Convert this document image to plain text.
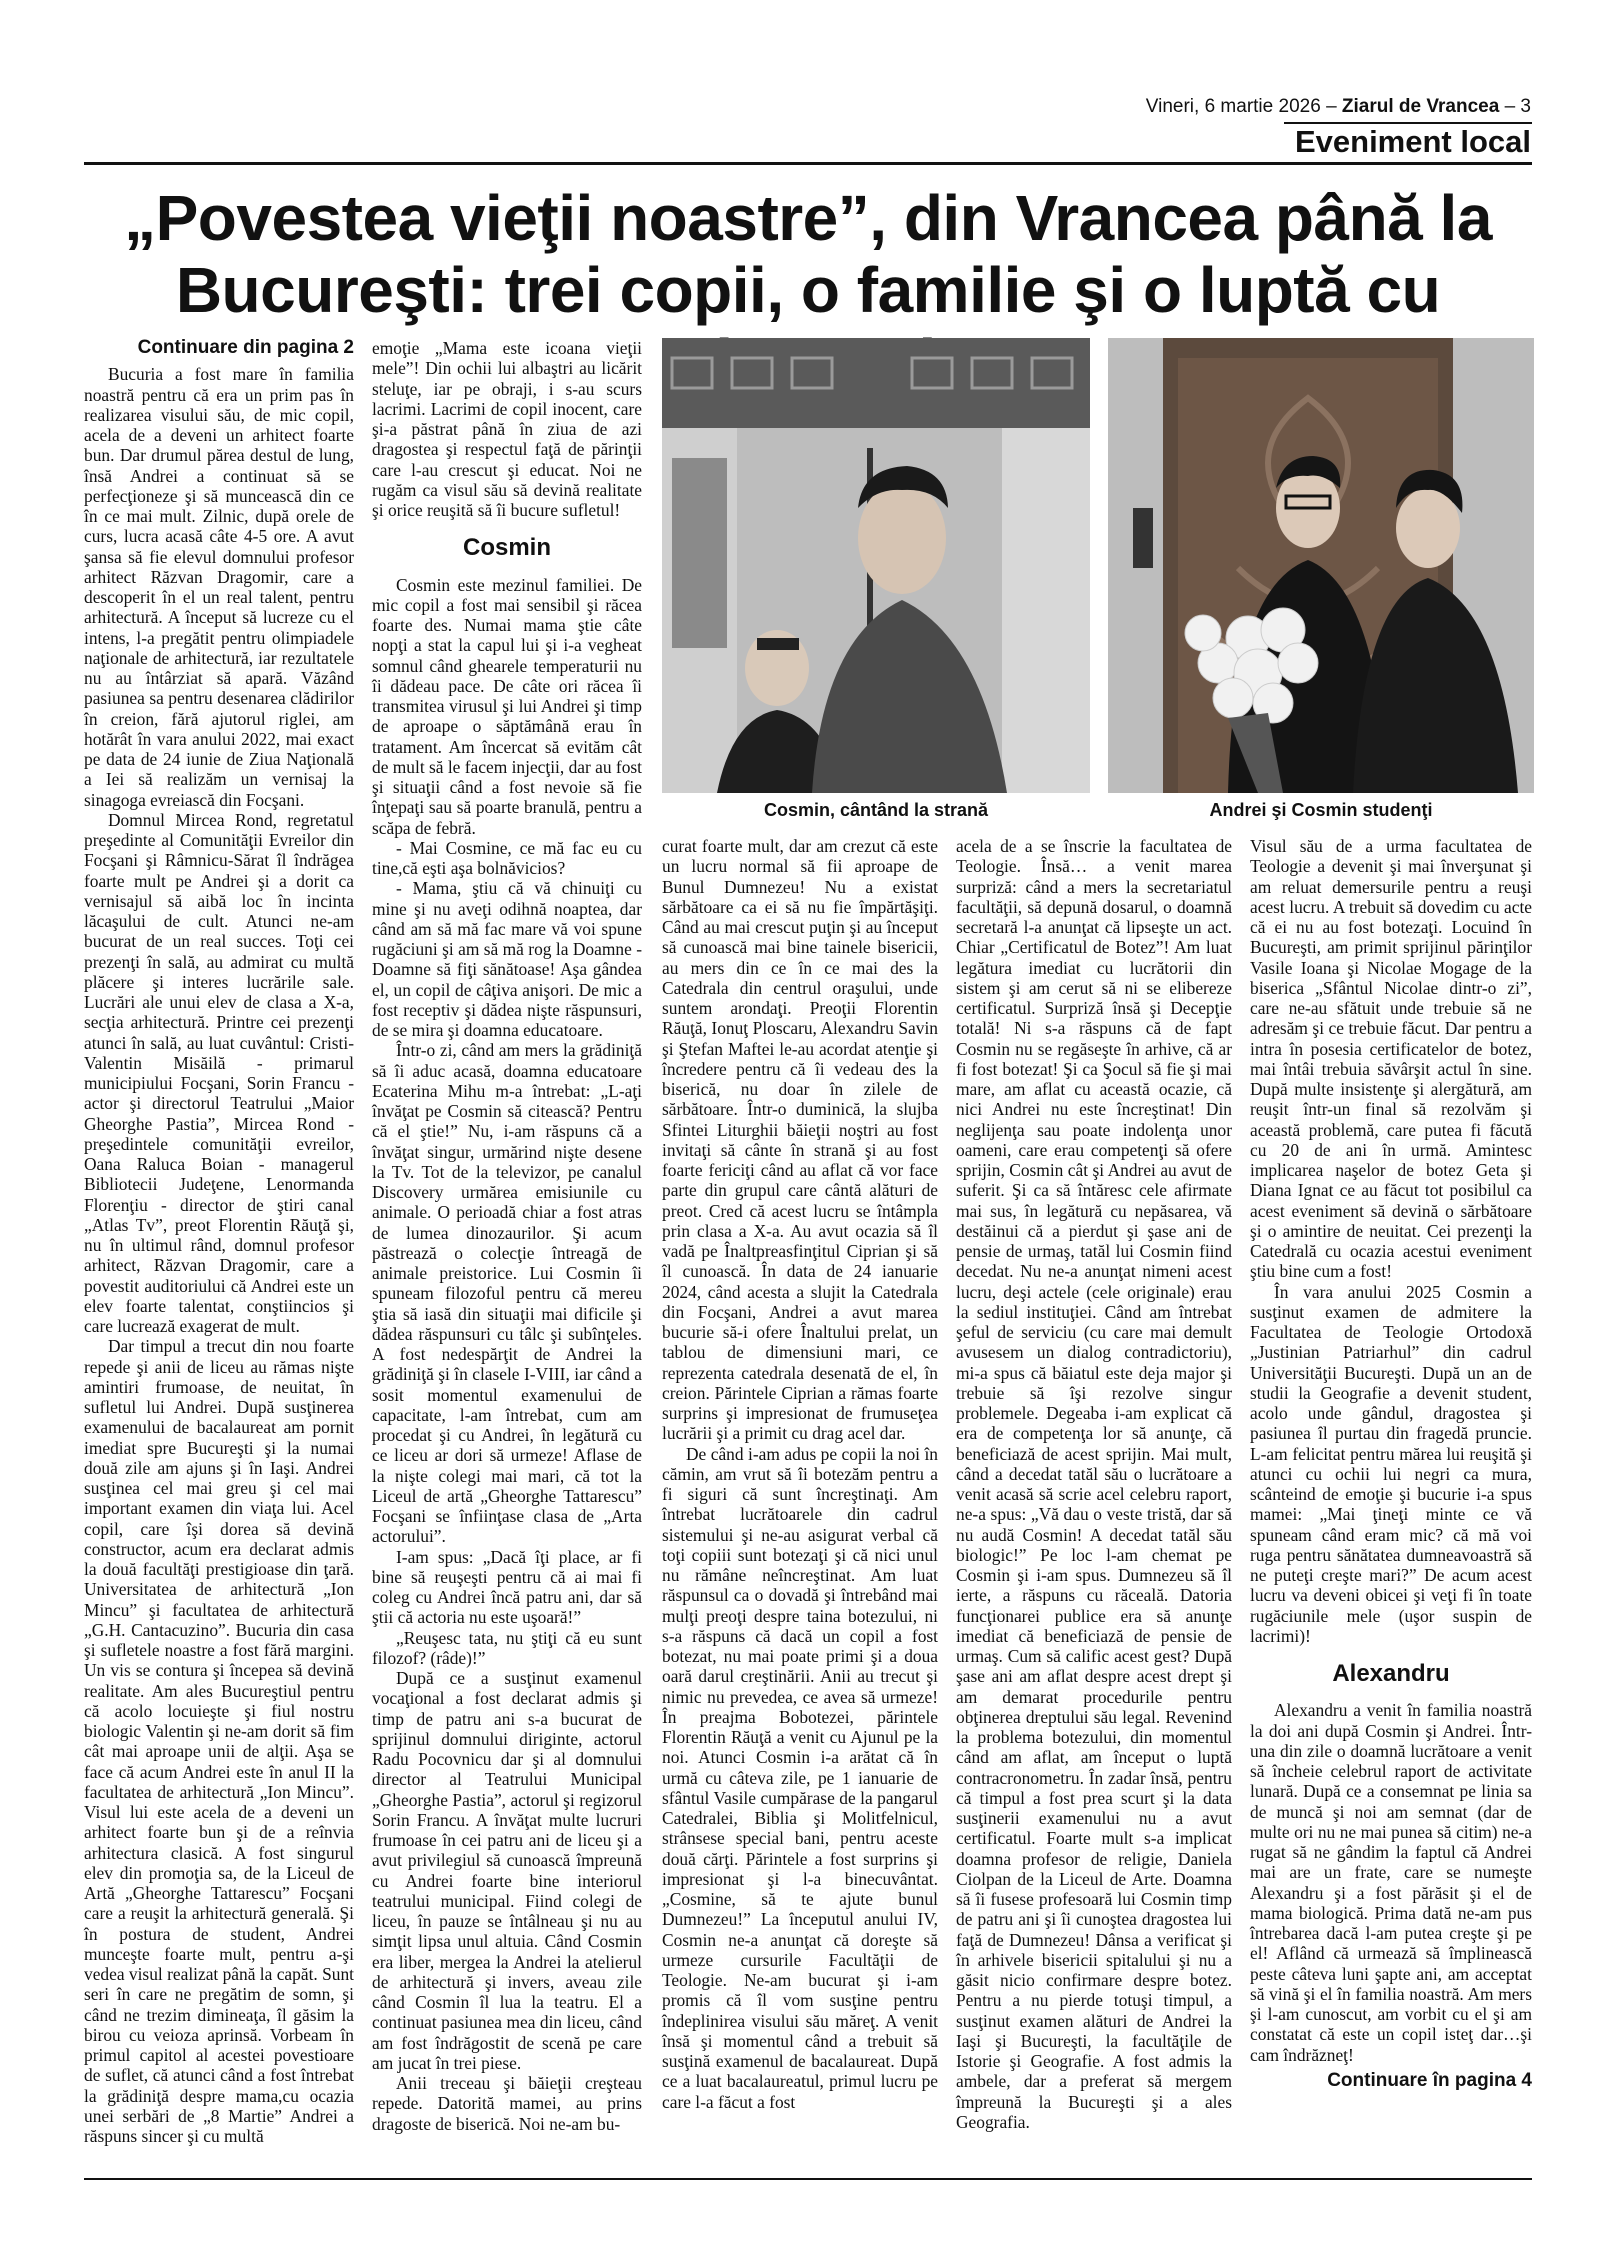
Vineri, 6 martie 2026 – Ziarul de Vrancea – 3
Eveniment local
„Povestea vieţii noastre”, din Vrancea până la
Bucureşti: trei copii, o familie şi o luptă cu
Cosmin, cântând la strană	Andrei şi Cosmin studenţi
Continuare din pagina 2

Bucuria a fost mare în familia noastră pentru că era un prim pas în realizarea visului său, de mic copil, acela de a deveni un arhitect foarte bun. Dar drumul părea destul de lung, însă Andrei a continuat să se perfecţioneze şi să muncească din ce în ce mai mult. Zilnic, după orele de curs, lucra acasă câte 4-5 ore. A avut şansa să fie elevul domnului profesor arhitect Răzvan Dragomir, care a descoperit în el un real talent, pentru arhitectură. A început să lucreze cu el intens, l-a pregătit pentru olimpiadele naţionale de arhitectură, iar rezultatele nu au întârziat să apară. Văzând pasiunea sa pentru desenarea clădirilor în creion, fără ajutorul riglei, am hotărât în vara anului 2022, mai exact pe data de 24 iunie de Ziua Naţională a Iei să realizăm un vernisaj la sinagoga evreiască din Focşani.

Domnul Mircea Rond, regretatul preşedinte al Comunităţii Evreilor din Focşani şi Râmnicu-Sărat îl îndrăgea foarte mult pe Andrei şi a dorit ca vernisajul să aibă loc în incinta lăcaşului de cult. Atunci ne-am bucurat de un real succes. Toţi cei prezenţi în sală, au admirat cu multă plăcere şi interes lucrările sale. Lucrări ale unui elev de clasa a X-a, secţia arhitectură. Printre cei prezenţi atunci în sală, au luat cuvântul: Cristi-Valentin Misăilă - primarul municipiului Focşani, Sorin Francu - actor şi directorul Teatrului „Maior Gheorghe Pastia”, Mircea Rond - preşedintele comunităţii evreilor, Oana Raluca Boian - managerul Bibliotecii Judeţene, Lenormanda Florenţiu - director de ştiri canal „Atlas Tv”, preot Florentin Răuţă şi, nu în ultimul rând, domnul profesor arhitect, Răzvan Dragomir, care a povestit auditoriului că Andrei este un elev foarte talentat, conştiincios şi care lucrează exagerat de mult.

Dar timpul a trecut din nou foarte repede şi anii de liceu au rămas nişte amintiri frumoase, de neuitat, în sufletul lui Andrei. După susţinerea examenului de bacalaureat am pornit imediat spre Bucureşti şi la numai două zile am ajuns şi în Iaşi. Andrei susţinea cel mai greu şi cel mai important examen din viaţa lui. Acel copil, care îşi dorea să devină constructor, acum era declarat admis la două facultăţi prestigioase din ţară. Universitatea de arhitectură „Ion Mincu” şi facultatea de arhitectură „G.H. Cantacuzino”. Bucuria din casa şi sufletele noastre a fost fără margini. Un vis se contura şi începea să devină realitate. Am ales Bucureştiul pentru că acolo locuieşte şi fiul nostru biologic Valentin şi ne-am dorit să fim cât mai aproape unii de alţii. Aşa se face că acum Andrei este în anul II la facultatea de arhitectură „Ion Mincu”. Visul lui este acela de a deveni un arhitect foarte bun şi de a reînvia arhitectura clasică. A fost singurul elev din promoţia sa, de la Liceul de Artă „Gheorghe Tattarescu” Focşani care a reuşit la arhitectură generală. Şi în postura de student, Andrei munceşte foarte mult, pentru a-şi vedea visul realizat până la capăt. Sunt seri în care ne pregătim de somn, şi când ne trezim dimineaţa, îl găsim la birou cu veioza aprinsă. Vorbeam în primul capitol al acestei povestioare de suflet, că atunci când a fost întrebat la grădiniţă despre mama,cu ocazia unei serbări de „8 Martie” Andrei a răspuns sincer şi cu multă

emoţie „Mama este icoana vieţii mele”! Din ochii lui albaştri au licărit steluţe, iar pe obraji, i s-au scurs lacrimi. Lacrimi de copil inocent, care şi-a păstrat până în ziua de azi dragostea şi respectul faţă de părinţii care l-au crescut şi educat. Noi ne rugăm ca visul său să devină realitate şi orice reuşită să îi bucure sufletul!

Cosmin

Cosmin este mezinul familiei. De mic copil a fost mai sensibil şi răcea foarte des. Numai mama ştie câte nopţi a stat la capul lui şi i-a vegheat somnul când ghearele temperaturii nu îi dădeau pace. De câte ori răcea îi transmitea virusul şi lui Andrei şi timp de aproape o săptămână erau în tratament. Am încercat să evităm cât de mult să le facem injecţii, dar au fost şi situaţii când a fost nevoie să fie înţepaţi sau să poarte branulă, pentru a scăpa de febră.

- Mai Cosmine, ce mă fac eu cu tine,că eşti aşa bolnăvicios?

- Mama, ştiu că vă chinuiţi cu mine şi nu aveţi odihnă noaptea, dar când am să mă fac mare vă voi spune rugăciuni şi am să mă rog la Doamne - Doamne să fiţi sănătoase! Aşa gândea el, un copil de câţiva anişori. De mic a fost receptiv şi dădea nişte răspunsuri, de se mira şi doamna educatoare.

Într-o zi, când am mers la grădiniţă să îi aduc acasă, doamna educatoare Ecaterina Mihu m-a întrebat: „L-aţi învăţat pe Cosmin să citească? Pentru că el ştie!” Nu, i-am răspuns că a învăţat singur, urmărind nişte desene la Tv. Tot de la televizor, pe canalul Discovery urmărea emisiunile cu animale. O perioadă chiar a fost atras de lumea dinozaurilor. Şi acum păstrează o colecţie întreagă de animale preistorice. Lui Cosmin îi spuneam filozoful pentru că mereu ştia să iasă din situaţii mai dificile şi dădea răspunsuri cu tâlc şi subînţeles. A fost nedespărţit de Andrei la grădiniţă şi în clasele I-VIII, iar când a sosit momentul examenului de capacitate, l-am întrebat, cum am procedat şi cu Andrei, în legătură cu ce liceu ar dori să urmeze! Aflase de la nişte colegi mai mari, că tot la Liceul de artă „Gheorghe Tattarescu” Focşani se înfiinţase clasa de „Arta actorului”.

I-am spus: „Dacă îţi place, ar fi bine să reuşeşti pentru că ai mai fi coleg cu Andrei încă patru ani, dar să ştii că actoria nu este uşoară!”

„Reuşesc tata, nu ştiţi că eu sunt filozof? (râde)!”

După ce a susţinut examenul vocaţional a fost declarat admis şi timp de patru ani s-a bucurat de sprijinul domnului diriginte, actorul Radu Pocovnicu dar şi al domnului director al Teatrului Municipal „Gheorghe Pastia”, actorul şi regizorul Sorin Francu. A învăţat multe lucruri frumoase în cei patru ani de liceu şi a avut privilegiul să cunoască împreună cu Andrei foarte bine interiorul teatrului municipal. Fiind colegi de liceu, în pauze se întâlneau şi nu au simţit lipsa unul altuia. Când Cosmin era liber, mergea la Andrei la atelierul de arhitectură şi invers, aveau zile când Cosmin îl lua la teatru. El a continuat pasiunea mea din liceu, când am fost îndrăgostit de scenă pe care am jucat în trei piese.

Anii treceau şi băieţii creşteau repede. Datorită mamei, au prins dragoste de biserică. Noi ne-am bu-

curat foarte mult, dar am crezut că este un lucru normal să fii aproape de Bunul Dumnezeu! Nu a existat sărbătoare ca ei să nu fie împărtăşiţi. Când au mai crescut puţin şi au început să cunoască mai bine tainele bisericii, au mers din ce în ce mai des la Catedrala din centrul oraşului, unde suntem arondaţi. Preoţii Florentin Răuţă, Ionuţ Ploscaru, Alexandru Savin şi Ştefan Maftei le-au acordat atenţie şi încredere pentru că îi vedeau des la biserică, nu doar în zilele de sărbătoare. Într-o duminică, la slujba Sfintei Liturghii băieţii noştri au fost invitaţi să cânte în strană şi au fost foarte fericiţi când au aflat că vor face parte din grupul care cântă alături de preot. Cred că acest lucru se întâmpla prin clasa a X-a. Au avut ocazia să îl vadă pe Înaltpreasfinţitul Ciprian şi să îl cunoască. În data de 24 ianuarie 2024, când acesta a slujit la Catedrala din Focşani, Andrei a avut marea bucurie să-i ofere Înaltului prelat, un tablou de dimensiuni mari, ce reprezenta catedrala desenată de el, în creion. Părintele Ciprian a rămas foarte surprins şi impresionat de frumuseţea lucrării şi a primit cu drag acel dar.

De când i-am adus pe copii la noi în cămin, am vrut să îi botezăm pentru a fi siguri că sunt încreştinaţi. Am întrebat lucrătoarele din cadrul sistemului şi ne-au asigurat verbal că toţi copiii sunt botezaţi şi că nici unul nu rămâne neîncreştinat. Am luat răspunsul ca o dovadă şi întrebând mai mulţi preoţi despre taina botezului, ni s-a răspuns că dacă un copil a fost botezat, nu mai poate primi şi a doua oară darul creştinării. Anii au trecut şi nimic nu prevedea, ce avea să urmeze! În preajma Bobotezei, părintele Florentin Răuţă a venit cu Ajunul pe la noi. Atunci Cosmin i-a arătat că în urmă cu câteva zile, pe 1 ianuarie de sfântul Vasile cumpărase de la pangarul Catedralei, Biblia şi Molitfelnicul, strânsese special bani, pentru aceste două cărţi. Părintele a fost surprins şi impresionat şi l-a binecuvântat. „Cosmine, să te ajute bunul Dumnezeu!” La începutul anului IV, Cosmin ne-a anunţat că doreşte să urmeze cursurile Facultăţii de Teologie. Ne-am bucurat şi i-am promis că îl vom susţine pentru îndeplinirea visului său măreţ. A venit însă şi momentul când a trebuit să susţină examenul de bacalaureat. După ce a luat bacalaureatul, primul lucru pe care l-a făcut a fost

acela de a se înscrie la facultatea de Teologie. Însă… a venit marea surpriză: când a mers la secretariatul facultăţii, să depună dosarul, o doamnă secretară l-a anunţat că lipseşte un act. Chiar „Certificatul de Botez”! Am luat legătura imediat cu lucrătorii din sistem şi am cerut să ni se elibereze certificatul. Surpriză însă şi Decepţie totală! Ni s-a răspuns că de fapt Cosmin nu se regăseşte în arhive, că ar fi fost botezat! Şi ca Şocul să fie şi mai mare, am aflat cu această ocazie, că nici Andrei nu este încreştinat! Din neglijenţa sau poate indolenţa unor oameni, care erau competenţi să ofere sprijin, Cosmin cât şi Andrei au avut de suferit. Şi ca să întăresc cele afirmate mai sus, în legătură cu nepăsarea, vă destăinui că a pierdut şi şase ani de pensie de urmaş, tatăl lui Cosmin fiind decedat. Nu ne-a anunţat nimeni acest lucru, deşi actele (cele originale) erau la sediul instituţiei. Când am întrebat şeful de serviciu (cu care mai demult avusesem un dialog contradictoriu), mi-a spus că băiatul este deja major şi trebuie să îşi rezolve singur problemele. Degeaba i-am explicat că era de competenţa lor să anunţe, că beneficiază de acest sprijin. Mai mult, când a decedat tatăl său o lucrătoare a venit acasă să scrie acel celebru raport, ne-a spus: „Vă dau o veste tristă, dar să nu audă Cosmin! A decedat tatăl său biologic!” Pe loc l-am chemat pe Cosmin şi i-am spus. Dumnezeu să îl ierte, a răspuns cu răceală. Datoria funcţionarei publice era să anunţe imediat că beneficiază de pensie de urmaş. Cum să calific acest gest? După şase ani am aflat despre acest drept şi am demarat procedurile pentru obţinerea dreptului său legal. Revenind la problema botezului, din momentul când am aflat, am început o luptă contracronometru. În zadar însă, pentru că timpul a fost prea scurt şi la data susţinerii examenului nu a avut certificatul. Foarte mult s-a implicat doamna profesor de religie, Daniela Ciolpan de la Liceul de Arte. Doamna să îi fusese profesoară lui Cosmin timp de patru ani şi îi cunoştea dragostea lui faţă de Dumnezeu! Dânsa a verificat şi în arhivele bisericii spitalului şi nu a găsit nicio confirmare despre botez. Pentru a nu pierde totuşi timpul, a susţinut examen alături de Andrei la Iaşi şi Bucureşti, la facultăţile de Istorie şi Geografie. A fost admis la ambele, dar a preferat să mergem împreună la Bucureşti şi a ales Geografia.

Visul său de a urma facultatea de Teologie a devenit şi mai înverşunat şi am reluat demersurile pentru a reuşi acest lucru. A trebuit să dovedim cu acte că ei nu au fost botezaţi. Locuind în Bucureşti, am primit sprijinul părinţilor Vasile Ioana şi Nicolae Mogage de la biserica „Sfântul Nicolae dintr-o zi”, care ne-au sfătuit unde trebuie să ne adresăm şi ce trebuie făcut. Dar pentru a intra în posesia certificatelor de botez, mai întâi trebuia săvârşit actul în sine. După multe insistenţe şi alergătură, am reuşit într-un final să rezolvăm şi această problemă, care putea fi făcută cu 20 de ani în urmă. Amintesc implicarea naşelor de botez Geta şi Diana Ignat ce au făcut tot posibilul ca acest eveniment să devină o sărbătoare şi o amintire de neuitat. Cei prezenţi la Catedrală cu ocazia acestui eveniment ştiu bine cum a fost!

În vara anului 2025 Cosmin a susţinut examen de admitere la Facultatea de Teologie Ortodoxă „Justinian Patriarhul” din cadrul Universităţii Bucureşti. După un an de studii la Geografie a devenit student, acolo unde gândul, dragostea şi pasiunea îl purtau din fragedă pruncie. L-am felicitat pentru mărea lui reuşită şi atunci cu ochii lui negri ca mura, scânteind de emoţie şi bucurie i-a spus mamei: „Mai ţineţi minte ce vă spuneam când eram mic? că mă voi ruga pentru sănătatea dumneavoastră să ne puteţi creşte mari?” De acum acest lucru va deveni obicei şi veţi fi în toate rugăciunile mele (uşor suspin de lacrimi)!

Alexandru

Alexandru a venit în familia noastră la doi ani după Cosmin şi Andrei. Într-una din zile o doamnă lucrătoare a venit să încheie celebrul raport de activitate lunară. După ce a consemnat pe linia sa de muncă şi noi am semnat (dar de multe ori nu ne mai punea să citim) ne-a rugat să ne gândim la faptul că Andrei mai are un frate, care se numeşte Alexandru şi a fost părăsit şi el de mama biologică. Prima dată ne-am pus întrebarea dacă l-am putea creşte şi pe el! Aflând că urmează să împlinească peste câteva luni şapte ani, am acceptat să vină şi el în familia noastră. Am mers şi l-am cunoscut, am vorbit cu el şi am constatat că este un copil isteţ dar…şi cam îndrăzneţ!

Continuare în pagina 4
